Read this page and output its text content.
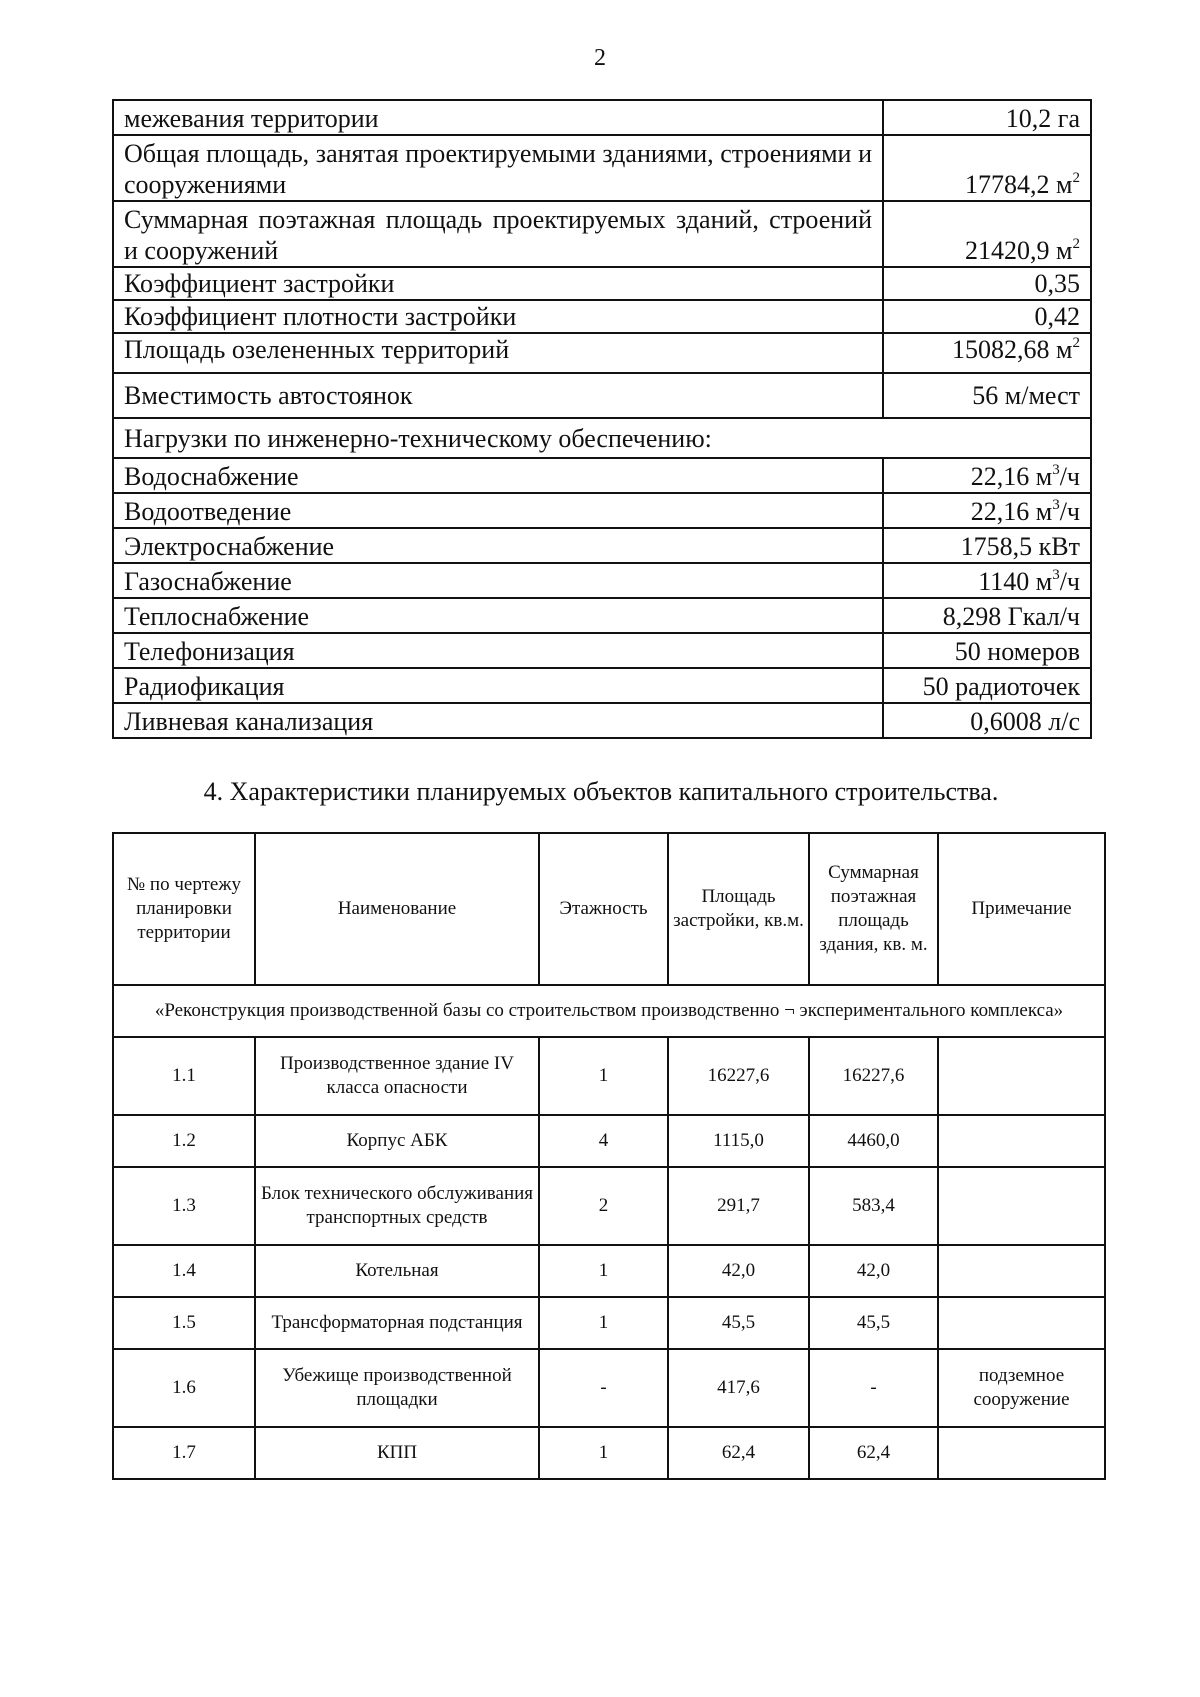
2
межевания территории	10,2 га
Общая площадь, занятая проектируемыми зданиями, строениями и сооружениями	17784,2 $м^2$
Суммарная поэтажная площадь проектируемых зданий, строений и сооружений	21420,9 $м^2$
Коэффициент застройки	0,35
Коэффициент плотности застройки	0,42
Площадь озелененных территорий	15082,68 $м^2$
Вместимость автостоянок	56 м/мест
Нагрузки по инженерно-техническому обеспечению:	
Водоснабжение	22,16 $м^3/ч$
Водоотведение	22,16 $м^3/ч$
Электроснабжение	1758,5 кВт
Газоснабжение	1140 $м^3/ч$
Теплоснабжение	8,298 Гкал/ч
Телефонизация	50 номеров
Радиофикация	50 радиоточек
Ливневая канализация	0,6008 л/с
4. Характеристики планируемых объектов капитального строительства.
№ по чертежу планировки территории	Наименование	Этажность	Площадь застройки, кв.м.	Суммарная поэтажная площадь здания, кв. м.	Примечание
«Реконструкция производственной базы со строительством производственно ¬ экспериментального комплекса»					
1.1	Производственное здание IV класса опасности	1	16227,6	16227,6	
1.2	Корпус АБК	4	1115,0	4460,0	
1.3	Блок технического обслуживания транспортных средств	2	291,7	583,4	
1.4	Котельная	1	42,0	42,0	
1.5	Трансформаторная подстанция	1	45,5	45,5	
1.6	Убежище производственной площадки	-	417,6	-	подземное сооружение
1.7	КПП	1	62,4	62,4	
